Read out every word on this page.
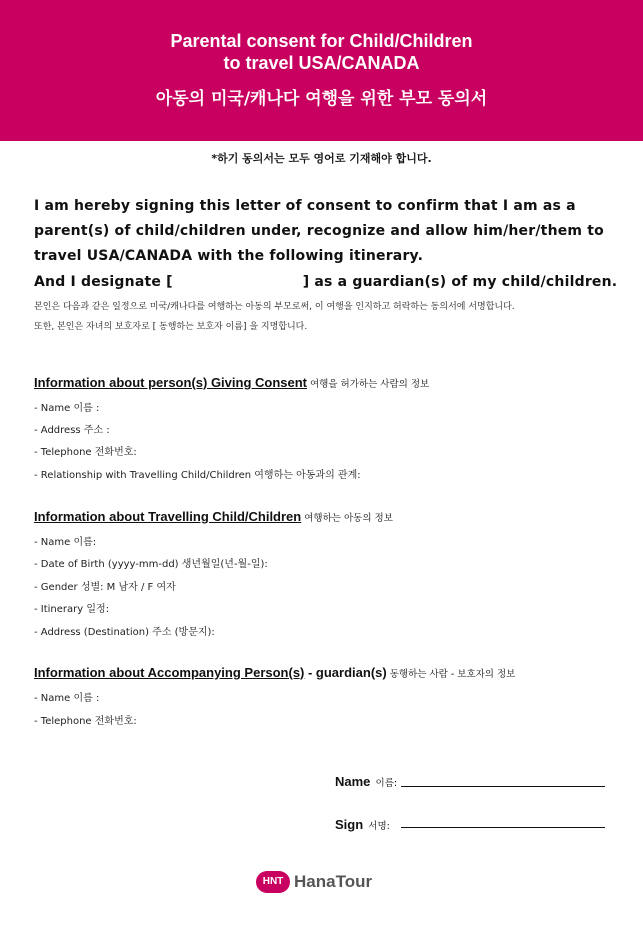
Parental consent for Child/Children
to travel USA/CANADA
아동의 미국/캐나다 여행을 위한 부모 동의서
*하기 동의서는 모두 영어로 기재해야 합니다.
I am hereby signing this letter of consent to confirm that I am as a
parent(s) of child/children under, recognize and allow him/her/them to
travel USA/CANADA with the following itinerary.
And I designate [	] as a guardian(s) of my child/children.
본인은 다음과 같은 일정으로 미국/캐나다를 여행하는 아동의 부모로써, 이 여행을 인지하고 허락하는 동의서에 서명합니다.
또한, 본인은 자녀의 보호자로 [ 동행하는 보호자 이름] 을 지명합니다.
Information about person(s) Giving Consent 여행을 허가하는 사람의 정보
- Name 이름 :
- Address 주소 :
- Telephone 전화번호:
- Relationship with Travelling Child/Children 여행하는 아동과의 관계:
Information about Travelling Child/Children 여행하는 아동의 정보
- Name 이름:
- Date of Birth (yyyy-mm-dd) 생년월일(년-월-일):
- Gender 성별: M 남자 / F 여자
- Itinerary 일정:
- Address (Destination) 주소 (방문지):
Information about Accompanying Person(s) - guardian(s) 동행하는 사람 - 보호자의 정보
- Name 이름 :
- Telephone 전화번호:
Name 이름:
Sign 서명:
HNT HanaTour
